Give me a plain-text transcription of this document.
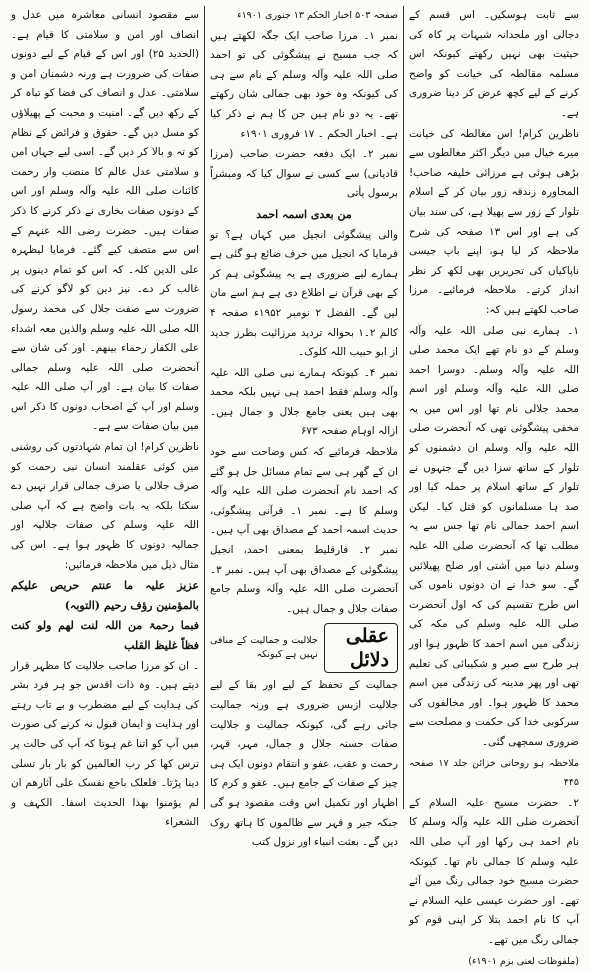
سے ثابت ہوسکیں۔ اس قسم کے دجالی اور ملحدانہ شبہات پر کاہ کی حیثیت بھی نہیں رکھتے کیونکہ اس مسلمہ مقالطہ کی خیانت کو واضح کرنے کے لیے کچھ عرض کر دینا ضروری ہے۔

ناظرین کرام! اس مغالطہ کی خیانت میرے خیال میں دیگر اکثر مغالطوں سے بڑھی ہوئی ہے مرزائی خلیفہ صاحب! المحاورہ زندقہ زور بیان کر کے اسلام تلوار کے زور سے پھیلا ہے، کی سند بیان کی ہے اور اس ۱۳ صفحہ کی شرح ملاحظہ کر لیا ہو، اپنے باپ جیسی ناپاکیاں کی تحریریں بھی لکھ کر نظر انداز کرتے۔ ملاحظہ فرمائیے۔ مرزا صاحب لکھتے ہیں کہ:

۱۔ ہمارے نبی صلی اللہ علیہ وآلہ وسلم کے دو نام تھے ایک محمد صلی اللہ علیہ وآلہ وسلم۔ دوسرا احمد صلی اللہ علیہ وآلہ وسلم اور اسم محمد جلالی نام تھا اور اس میں یہ مخفی پیشگوئی تھی کہ آنحضرت صلی اللہ علیہ وآلہ وسلم ان دشمنوں کو تلوار کے ساتھ سزا دیں گے جنہوں نے تلوار کے ساتھ اسلام پر حملہ کیا اور صد ہا مسلمانوں کو قتل کیا۔ لیکن اسم احمد جمالی نام تھا جس سے یہ مطلب تھا کہ آنحضرت صلی اللہ علیہ وسلم دنیا میں آشتی اور صلح پھیلائیں گے۔ سو خدا نے ان دونوں ناموں کی اس طرح تقسیم کی کہ اول آنحضرت صلی اللہ علیہ وسلم کی مکہ کی زندگی میں اسم احمد کا ظہور ہوا اور ہر طرح سے صبر و شکیبائی کی تعلیم تھی اور پھر مدینہ کی زندگی میں اسم محمد کا ظہور ہوا۔ اور مخالفوں کی سرکوبی خدا کی حکمت و مصلحت سے ضروری سمجھی گئی۔

ملاحظہ ہو روحانی خزائن جلد ۱۷ صفحہ ۴۴۵

۲۔ حضرت مسیح علیہ السلام کے آنحضرت صلی اللہ علیہ وآلہ وسلم کا نام احمد ہی رکھا اور آپ صلی اللہ علیہ وسلم کا جمالی نام تھا۔ کیونکہ حضرت مسیح خود جمالی رنگ میں آئے تھے۔ اور حضرت عیسی علیہ السلام نے آپ کا نام احمد بتلا کر اپنی قوم کو جمالی رنگ میں تھے۔

(ملفوظات لعنی بزم ۱۹۰۱ء)

صفحہ ۵۰۳ اخبار الحکم ۱۳ جنوری ۱۹۰۱ء

نمبر ۱۔ مرزا صاحب ایک جگہ لکھتے ہیں کہ جب مسیح نے پیشگوئی کی تو احمد صلی اللہ علیہ وآلہ وسلم کے نام سے ہی کی کیونکہ وہ خود بھی جمالی شان رکھتے تھے۔ یہ دو نام ہیں جن کا ہم نے ذکر کیا ہے۔ اخبار الحکم ۔ ۱۷ فروری ۱۹۰۱ء

نمبر ۲۔ ایک دفعہ حضرت صاحب (مرزا قادیانی) سے کسی نے سوال کیا کہ ومبشراً برسول یأتی

من بعدی اسمہ احمد

والی پیشگوئی انجیل میں کہاں ہے؟ تو فرمایا کہ انجیل میں حرف ضائع ہو گئی ہے ہمارے لیے ضروری ہے یہ پیشگوئی ہم کر کے بھی قرآن نے اطلاع دی ہے ہم اسے مان لیں گے۔ الفضل ۲ نومبر ۱۹۵۲ء صفحہ ۴ کالم ۲۔۱ بحوالہ تردید مرزائیت بطرز جدید از ابو حبیب اللہ کلوک۔

نمبر ۴۔ کیونکہ ہمارے نبی صلی اللہ علیہ وآلہ وسلم فقط احمد ہی نہیں بلکہ محمد بھی ہیں یعنی جامع جلال و جمال ہیں۔ ازالہ اوہام صفحہ ۶۷۳

ملاحظہ فرمائیے کہ کس وضاحت سے خود ان کے گھر ہی سے تمام مسائل حل ہو گئے کہ احمد نام آنحضرت صلی اللہ علیہ وآلہ وسلم کا ہے۔ نمبر ۱۔ قرآنی پیشگوئی، حدیث اسمہ احمد کے مصداق بھی آپ ہیں۔ نمبر ۲۔ فارقلیط بمعنی احمد، انجیل پیشگوئی کے مصداق بھی آپ ہیں۔ نمبر ۳۔ آنحضرت صلی اللہ علیہ وآلہ وسلم جامع صفات جلال و جمال ہیں۔

عقلی دلائل
جلالیت و جمالیت کے منافی نہیں ہے کیونکہ

جمالیت کے تحفظ کے لیے اور بقا کے لیے جلالیت ازبس ضروری ہے ورنہ جمالیت جاتی رہے گی، کیونکہ جمالیت و جلالیت صفات حسنہ جلال و جمال، مہر، قہر، رحمت و عقب، عفو و انتقام دونوں ایک ہی چیز کے صفات کے جامع ہیں۔ عفو و کرم کا اظہار اور تکمیل اس وقت مقصود ہو گی جبکہ جبر و قہر سے ظالموں کا ہاتھ روک دیں گے۔ بعثت انبیاء اور نزول کتب

سے مقصود انسانی معاشرہ میں عدل و انصاف اور امن و سلامتی کا قیام ہے۔ (الحدید ۲۵) اور اس کے قیام کے لیے دونوں صفات کی ضرورت ہے ورنہ دشمنان امن و سلامتی۔ عدل و انصاف کی فضا کو تباہ کر کے رکھ دیں گے۔ امنیت و محبت کے پھیلاؤں کو مسل دیں گے۔ حقوق و فرائض کے نظام کو تہ و بالا کر دیں گے۔ اسی لیے جہاں امن و سلامتی عدل عالم کا منصب وار رحمت کائنات صلی اللہ علیہ وآلہ وسلم اور اس کے دونوں صفات بخاری نے ذکر کرنے کا ذکر صفات ہیں۔ حضرت رضی اللہ عنہم کے اس سے متصف کیے گئے۔ فرمایا لیظہرہ علی الدین کلہ۔ کہ اس کو تمام دینوں پر غالب کر دے۔ نیز دین کو لاگو کرنے کی ضرورت سے صفت جلال کی محمد رسول اللہ صلی اللہ علیہ وسلم والذین معہ اشداء علی الکفار رحماء بینھم۔ اور کی شان سے آنحضرت صلی اللہ علیہ وسلم جمالی صفات کا بیان ہے۔ اور آپ صلی اللہ علیہ وسلم اور آپ کے اصحاب دونوں کا ذکر اس میں بیان صفات سے ہے۔

ناظرین کرام! ان تمام شہادتوں کی روشنی میں کوئی عقلمند انسان نبی رحمت کو صرف جلالی یا صرف جمالی قرار نہیں دے سکتا بلکہ یہ بات واضح ہے کہ آپ صلی اللہ علیہ وسلم کی صفات جلالیہ اور جمالیہ دونوں کا ظہور ہوا ہے۔ اس کی مثال ذیل میں ملاحظہ فرمائیں:

عزیز علیہ ما عنتم حریص علیکم بالمؤمنین رؤف رحیم (التوبہ)

فبما رحمۃ من اللہ لنت لھم ولو کنت فظاً غلیظ القلب

۔ ان کو مرزا صاحب جلالیت کا مظہر قرار دیتے ہیں۔ وہ ذات اقدس جو ہر فرد بشر کی ہدایت کے لیے مضطرب و بے تاب رہتے اور ہدایت و ایمان قبول نہ کرنے کی صورت میں آپ کو اتنا غم ہوتا کہ آپ کی حالت پر ترس کھا کر رب العالمین کو بار بار تسلی دینا پڑتا۔ فلعلک باخع نفسک علی آثارھم ان لم یؤمنوا بھذا الحدیث اسفا۔ الکہف و الشعراء
